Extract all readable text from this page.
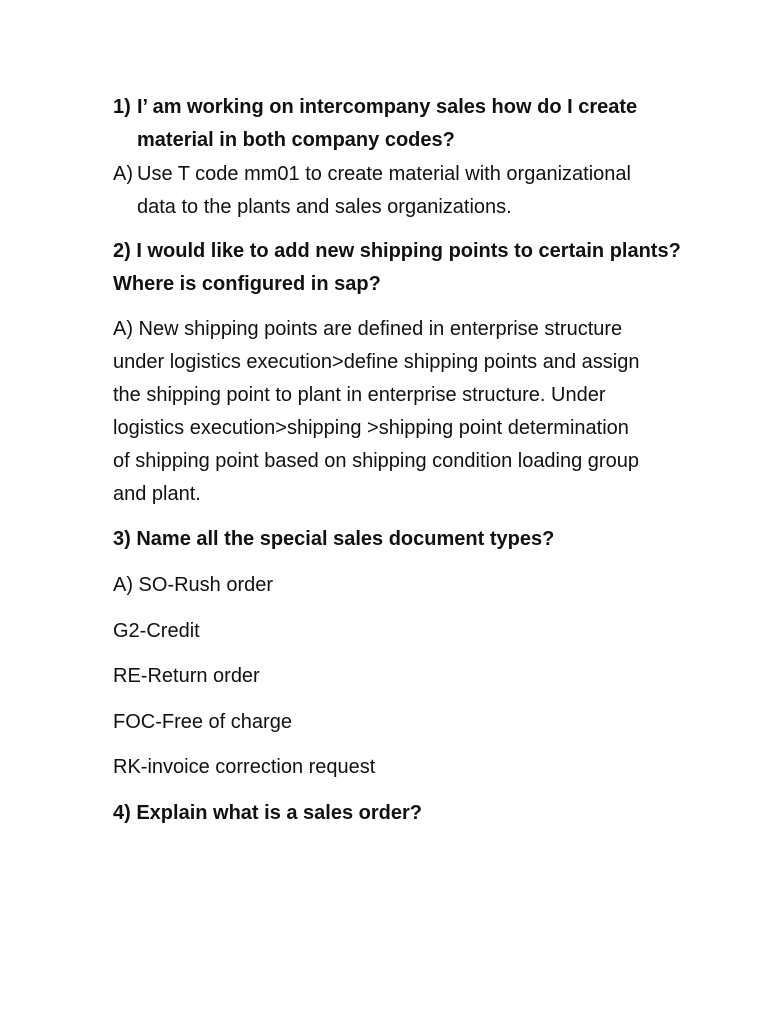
1) I’ am working on intercompany sales how do I create
material in both company codes?
A) Use T code mm01 to create material with organizational
data to the plants and sales organizations.
2) I would like to add new shipping points to certain plants?
Where is configured in sap?
A) New shipping points are defined in enterprise structure
under logistics execution>define shipping points and assign
the shipping point to plant in enterprise structure. Under
logistics execution>shipping >shipping point determination
of shipping point based on shipping condition loading group
and plant.
3) Name all the special sales document types?
A) SO-Rush order
G2-Credit
RE-Return order
FOC-Free of charge
RK-invoice correction request
4) Explain what is a sales order?
